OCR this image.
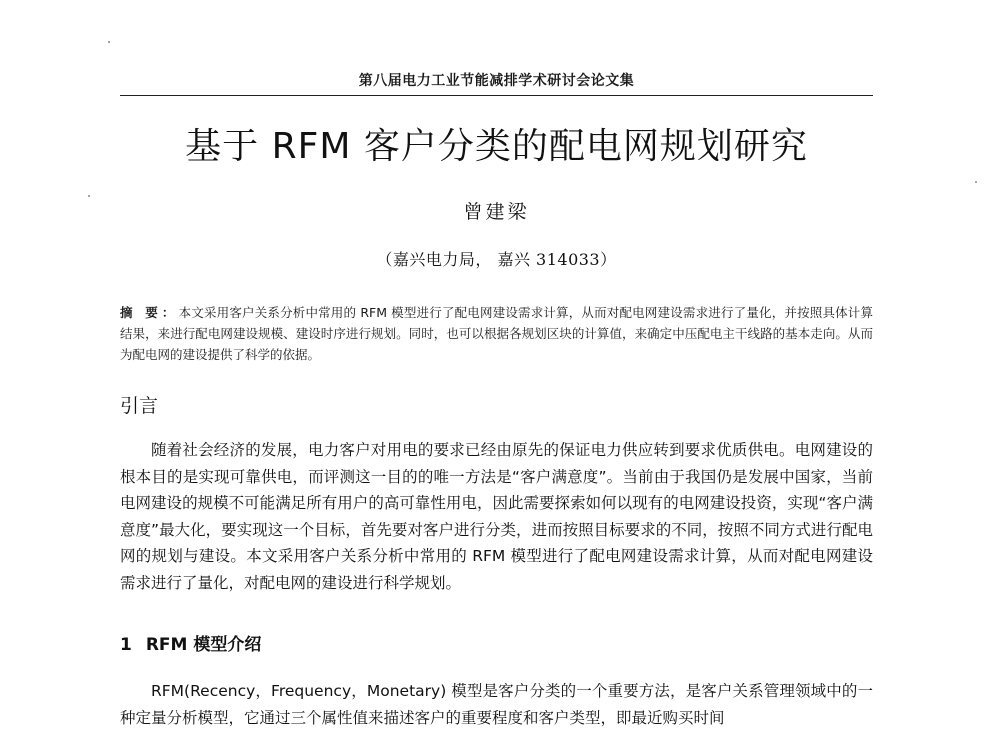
第八届电力工业节能减排学术研讨会论文集
基于 RFM 客户分类的配电网规划研究
曾建梁
（嘉兴电力局， 嘉兴 314033）
摘 要：本文采用客户关系分析中常用的 RFM 模型进行了配电网建设需求计算，从而对配电网建设需求进行了量化，并按照具体计算结果，来进行配电网建设规模、建设时序进行规划。同时，也可以根据各规划区块的计算值，来确定中压配电主干线路的基本走向。从而为配电网的建设提供了科学的依据。
引言
随着社会经济的发展，电力客户对用电的要求已经由原先的保证电力供应转到要求优质供电。电网建设的根本目的是实现可靠供电，而评测这一目的的唯一方法是“客户满意度”。当前由于我国仍是发展中国家，当前电网建设的规模不可能满足所有用户的高可靠性用电，因此需要探索如何以现有的电网建设投资，实现“客户满意度”最大化，要实现这一个目标，首先要对客户进行分类，进而按照目标要求的不同，按照不同方式进行配电网的规划与建设。本文采用客户关系分析中常用的 RFM 模型进行了配电网建设需求计算，从而对配电网建设需求进行了量化，对配电网的建设进行科学规划。
1 RFM 模型介绍
RFM(Recency，Frequency，Monetary) 模型是客户分类的一个重要方法，是客户关系管理领域中的一种定量分析模型，它通过三个属性值来描述客户的重要程度和客户类型，即最近购买时间
